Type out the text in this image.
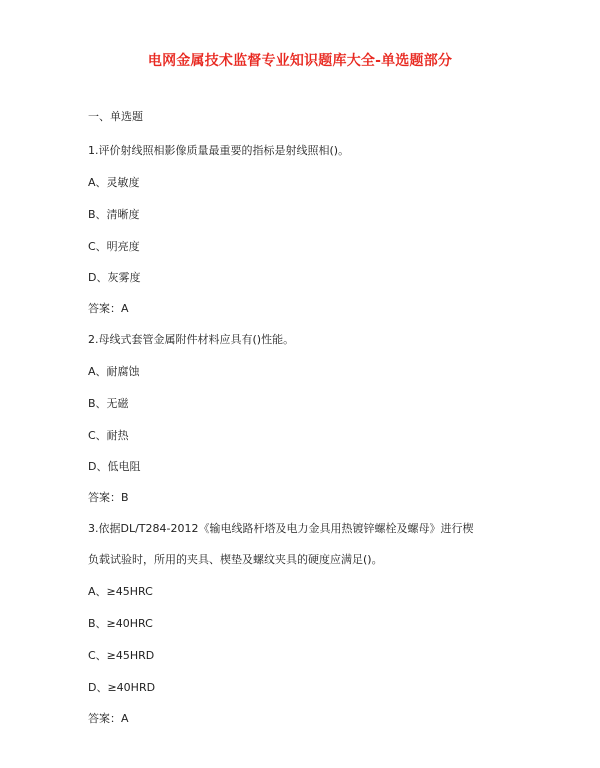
电网金属技术监督专业知识题库大全-单选题部分
一、单选题
1.评价射线照相影像质量最重要的指标是射线照相()。
A、灵敏度
B、清晰度
C、明亮度
D、灰雾度
答案：A
2.母线式套管金属附件材料应具有()性能。
A、耐腐蚀
B、无磁
C、耐热
D、低电阻
答案：B
3.依据DL/T284-2012《输电线路杆塔及电力金具用热镀锌螺栓及螺母》进行楔
负载试验时，所用的夹具、楔垫及螺纹夹具的硬度应满足()。
A、≥45HRC
B、≥40HRC
C、≥45HRD
D、≥40HRD
答案：A
